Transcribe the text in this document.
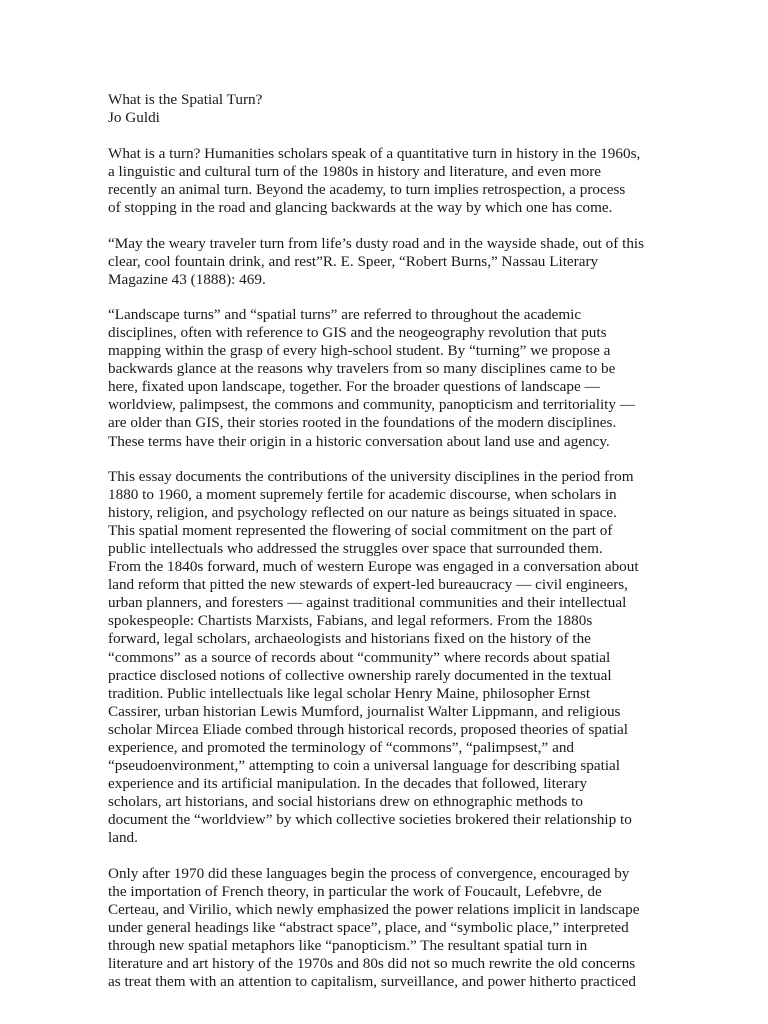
What is the Spatial Turn?
Jo Guldi
What is a turn? Humanities scholars speak of a quantitative turn in history in the 1960s,
a linguistic and cultural turn of the 1980s in history and literature, and even more
recently an animal turn. Beyond the academy, to turn implies retrospection, a process
of stopping in the road and glancing backwards at the way by which one has come.
“May the weary traveler turn from life’s dusty road and in the wayside shade, out of this
clear, cool fountain drink, and rest”R. E. Speer, “Robert Burns,” Nassau Literary
Magazine 43 (1888): 469.
“Landscape turns” and “spatial turns” are referred to throughout the academic
disciplines, often with reference to GIS and the neogeography revolution that puts
mapping within the grasp of every high-school student. By “turning” we propose a
backwards glance at the reasons why travelers from so many disciplines came to be
here, fixated upon landscape, together. For the broader questions of landscape —
worldview, palimpsest, the commons and community, panopticism and territoriality —
are older than GIS, their stories rooted in the foundations of the modern disciplines.
These terms have their origin in a historic conversation about land use and agency.
This essay documents the contributions of the university disciplines in the period from
1880 to 1960, a moment supremely fertile for academic discourse, when scholars in
history, religion, and psychology reflected on our nature as beings situated in space.
This spatial moment represented the flowering of social commitment on the part of
public intellectuals who addressed the struggles over space that surrounded them.
From the 1840s forward, much of western Europe was engaged in a conversation about
land reform that pitted the new stewards of expert-led bureaucracy — civil engineers,
urban planners, and foresters — against traditional communities and their intellectual
spokespeople: Chartists Marxists, Fabians, and legal reformers. From the 1880s
forward, legal scholars, archaeologists and historians fixed on the history of the
“commons” as a source of records about “community” where records about spatial
practice disclosed notions of collective ownership rarely documented in the textual
tradition. Public intellectuals like legal scholar Henry Maine, philosopher Ernst
Cassirer, urban historian Lewis Mumford, journalist Walter Lippmann, and religious
scholar Mircea Eliade combed through historical records, proposed theories of spatial
experience, and promoted the terminology of “commons”, “palimpsest,” and
“pseudoenvironment,” attempting to coin a universal language for describing spatial
experience and its artificial manipulation. In the decades that followed, literary
scholars, art historians, and social historians drew on ethnographic methods to
document the “worldview” by which collective societies brokered their relationship to
land.
Only after 1970 did these languages begin the process of convergence, encouraged by
the importation of French theory, in particular the work of Foucault, Lefebvre, de
Certeau, and Virilio, which newly emphasized the power relations implicit in landscape
under general headings like “abstract space”, place, and “symbolic place,” interpreted
through new spatial metaphors like “panopticism.” The resultant spatial turn in
literature and art history of the 1970s and 80s did not so much rewrite the old concerns
as treat them with an attention to capitalism, surveillance, and power hitherto practiced
